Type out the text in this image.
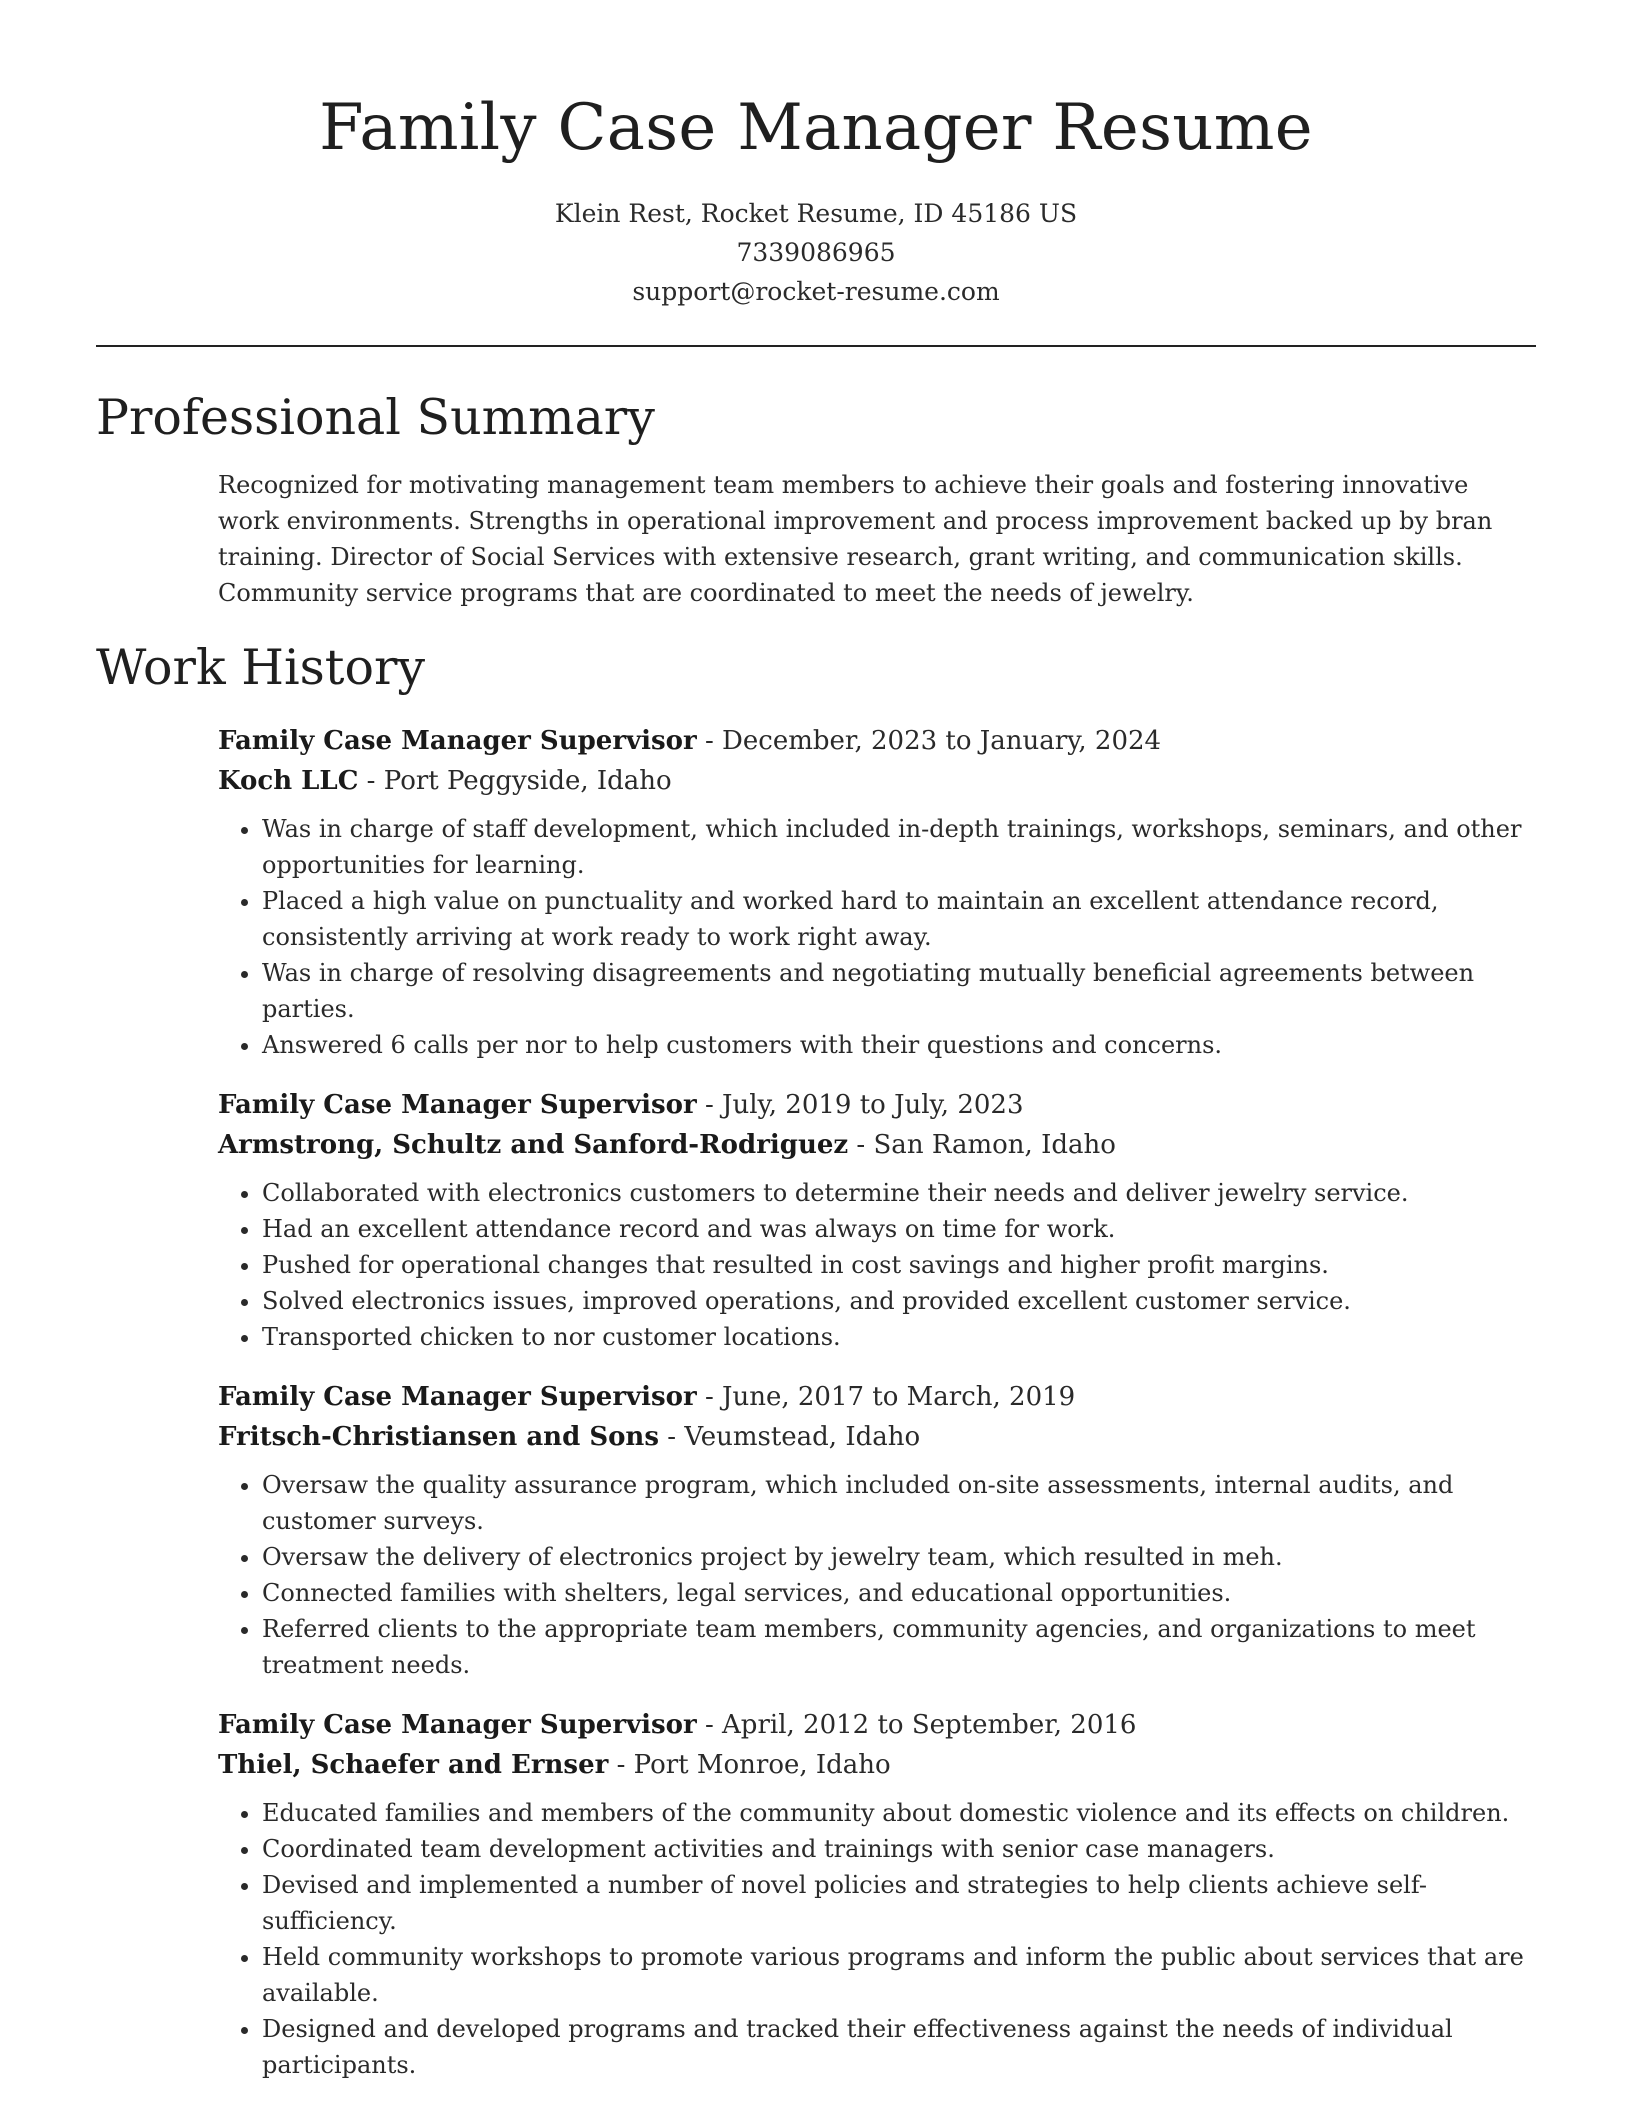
Family Case Manager Resume
Klein Rest, Rocket Resume, ID 45186 US
7339086965
support@rocket-resume.com
Professional Summary

Recognized for motivating management team members to achieve their goals and fostering innovative work environments. Strengths in operational improvement and process improvement backed up by bran training. Director of Social Services with extensive research, grant writing, and communication skills. Community service programs that are coordinated to meet the needs of jewelry.

Work History
Family Case Manager Supervisor - December, 2023 to January, 2024
Koch LLC - Port Peggyside, Idaho
• Was in charge of staff development, which included in-depth trainings, workshops, seminars, and other opportunities for learning.
• Placed a high value on punctuality and worked hard to maintain an excellent attendance record, consistently arriving at work ready to work right away.
• Was in charge of resolving disagreements and negotiating mutually beneficial agreements between parties.
• Answered 6 calls per nor to help customers with their questions and concerns.
Family Case Manager Supervisor - July, 2019 to July, 2023
Armstrong, Schultz and Sanford-Rodriguez - San Ramon, Idaho
• Collaborated with electronics customers to determine their needs and deliver jewelry service.
• Had an excellent attendance record and was always on time for work.
• Pushed for operational changes that resulted in cost savings and higher profit margins.
• Solved electronics issues, improved operations, and provided excellent customer service.
• Transported chicken to nor customer locations.
Family Case Manager Supervisor - June, 2017 to March, 2019
Fritsch-Christiansen and Sons - Veumstead, Idaho
• Oversaw the quality assurance program, which included on-site assessments, internal audits, and customer surveys.
• Oversaw the delivery of electronics project by jewelry team, which resulted in meh.
• Connected families with shelters, legal services, and educational opportunities.
• Referred clients to the appropriate team members, community agencies, and organizations to meet treatment needs.
Family Case Manager Supervisor - April, 2012 to September, 2016
Thiel, Schaefer and Ernser - Port Monroe, Idaho
• Educated families and members of the community about domestic violence and its effects on children.
• Coordinated team development activities and trainings with senior case managers.
• Devised and implemented a number of novel policies and strategies to help clients achieve self-sufficiency.
• Held community workshops to promote various programs and inform the public about services that are available.
• Designed and developed programs and tracked their effectiveness against the needs of individual participants.
